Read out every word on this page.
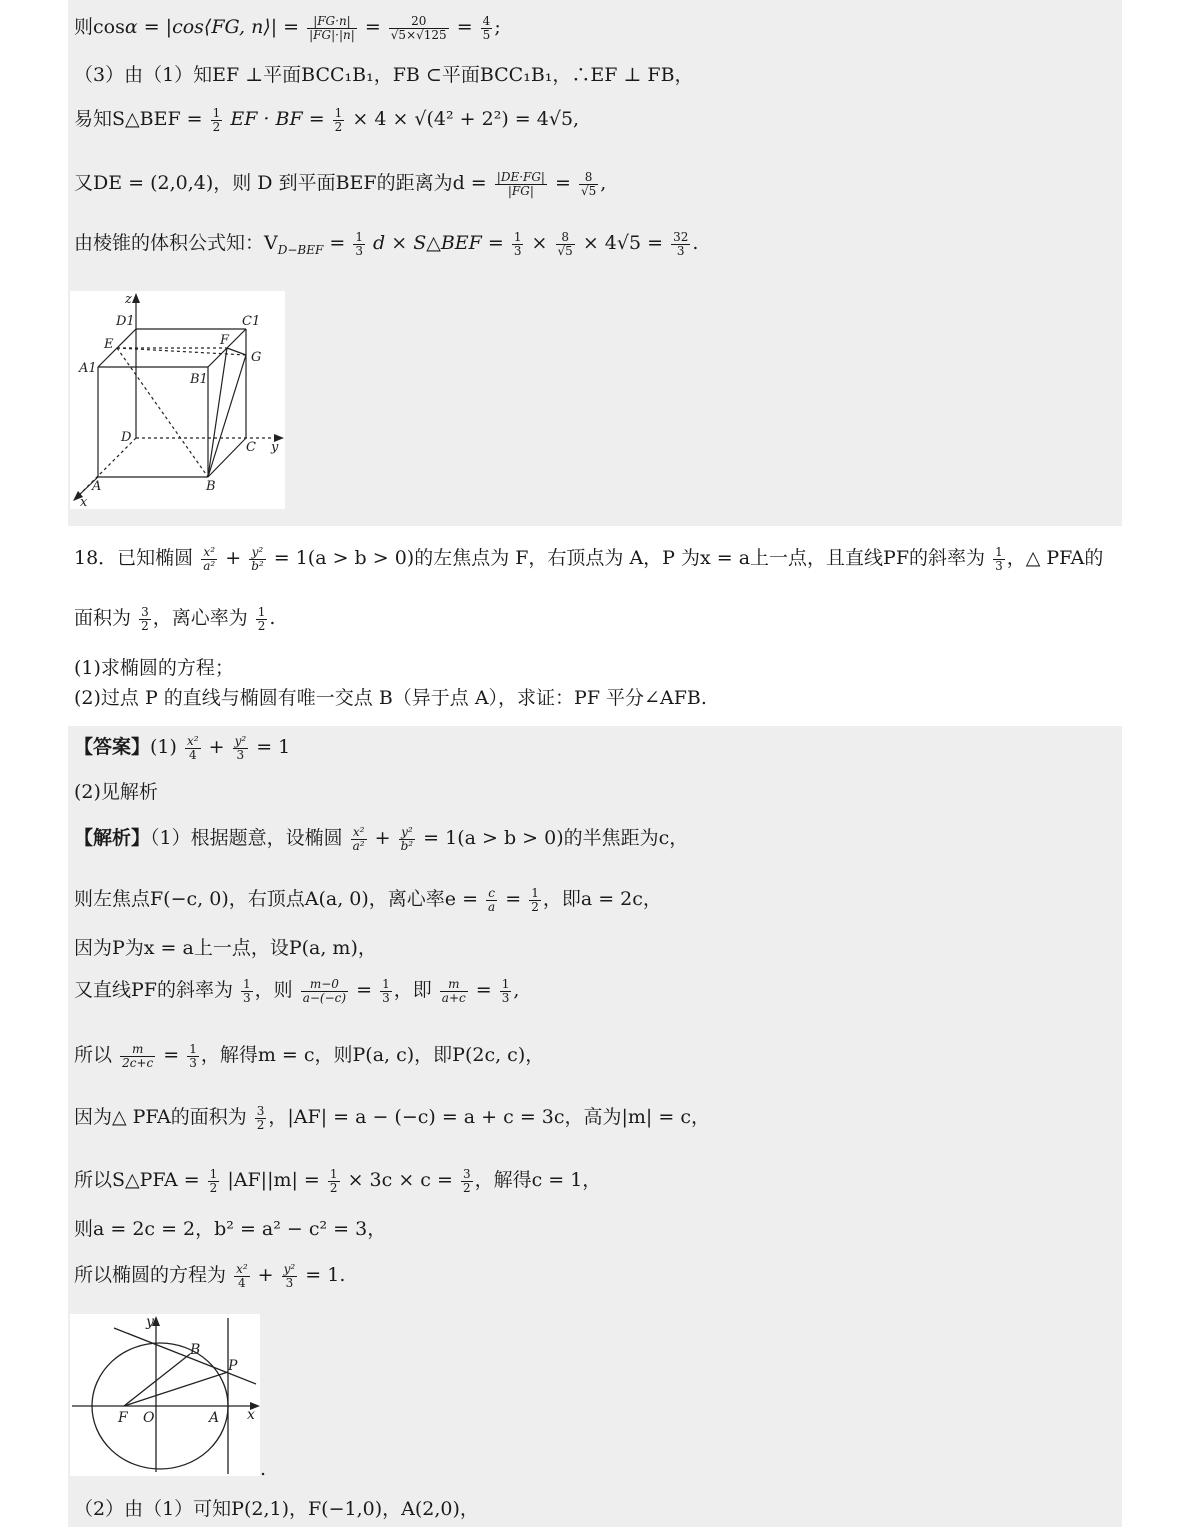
则cosα = |cos⟨FG, n⟩| = $\frac{|FG\cdot n|}{|FG|\cdot|n|} = \frac{20}{√5\times√125} = \frac{4}{5}$ ;
（3）由（1）知EF ⊥平面BCC₁B₁，FB ⊂平面BCC₁B₁，∴EF ⊥ FB，
易知S△BEF = $\frac{1}{2}$ EF · BF = $\frac{1}{2} \times 4 \times √(4^2 + 2^2) = 4√5$,
又DE = (2,0,4)，则 D 到平面BEF的距离为$d = \frac{|DE\cdot FG|}{|FG|} = \frac{8}{√5}$ ,
由棱锥的体积公式知：$V_{D-BEF} = \frac{1}{3}$ d × S△BEF = $\frac{1}{3} \times \frac{8}{√5} \times 4√5 = \frac{32}{3}$ .
z
D1	C1
E	F
G
A1
B1
D
C y
A	B
x
18．已知椭圆 $\frac{\text{x²}}{\text{a²}} + \frac{\text{y²}}{\text{b²}} = 1(a > b > 0)$的左焦点为 F，右顶点为 A，P 为x = a上一点，且直线PF的斜率为 $\frac{1}{3}$ ，△ PFA的
面积为 $\frac{3}{2}$ ，离心率为 $\frac{1}{2}$ .
(1)求椭圆的方程；
(2)过点 P 的直线与椭圆有唯一交点 B（异于点 A），求证：PF 平分∠AFB.
【答案】$(1) \frac{\text{x²}}{4} + \frac{\text{y²}}{3} = 1$
(2)见解析
【解析】（1）根据题意，设椭圆 $\frac{\text{x²}}{\text{a²}} + \frac{\text{y²}}{\text{b²}} = 1(a > b > 0)$的半焦距为c，
则左焦点F(−c, 0)，右顶点A(a, 0)，离心率$e = \frac{c}{a} = \frac{1}{2}$ ，即a = 2c，
因为P为x = a上一点，设P(a, m)，
又直线PF的斜率为 $\frac{1}{3}$ ，则 $\frac{m-0}{a-(-c)} = \frac{1}{3}$ ，即 $\frac{m}{a+c} = \frac{1}{3}$ ,
所以 $\frac{m}{2c+c} = \frac{1}{3}$ ，解得m = c，则P(a, c)，即P(2c, c)，
因为△ PFA的面积为 $\frac{3}{2}$ ，|AF| = a − (−c) = a + c = 3c，高为|m| = c，
所以S△PFA = $\frac{1}{2} |AF||m| = \frac{1}{2} \times 3c \times c = \frac{3}{2}$ ，解得c = 1，
则a = 2c = 2，b² = a² − c² = 3，
所以椭圆的方程为 $\frac{\text{x²}}{4} + \frac{\text{y²}}{3} = 1$.
y
B
P
F O	A x
.
（2）由（1）可知P(2,1)，F(−1,0)，A(2,0)，
